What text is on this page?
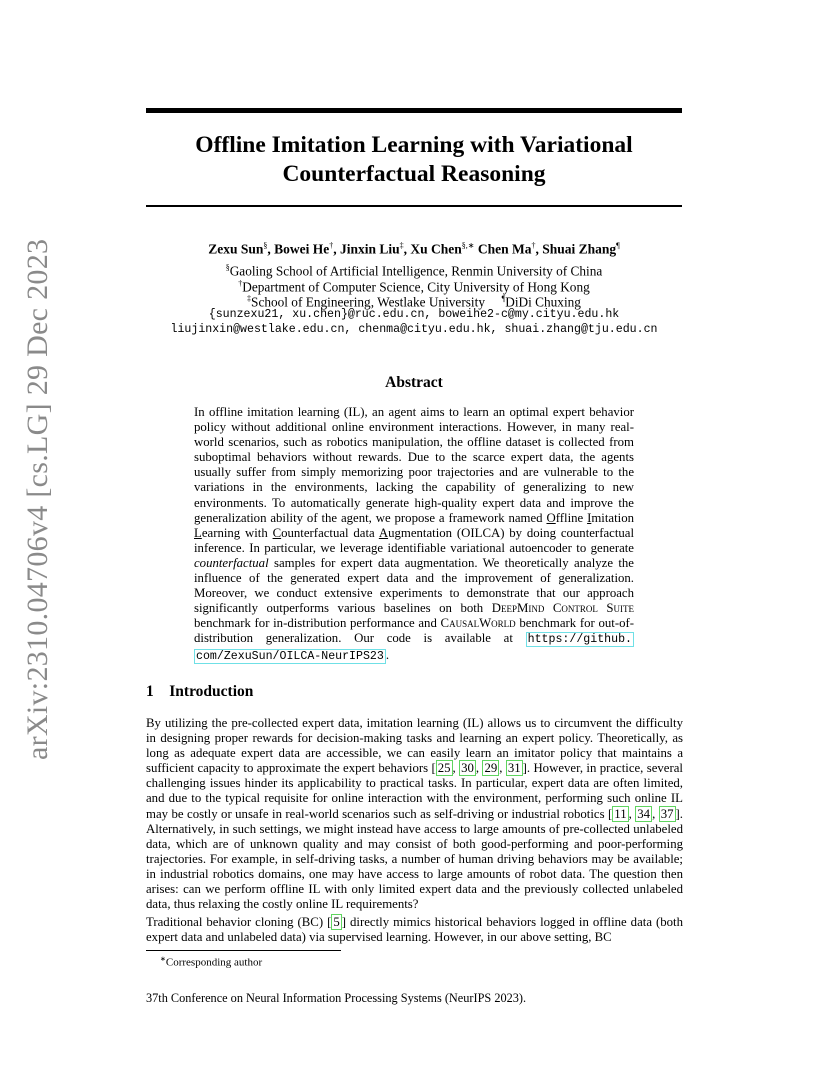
arXiv:2310.04706v4 [cs.LG] 29 Dec 2023
Offline Imitation Learning with Variational
Counterfactual Reasoning
Zexu Sun§, Bowei He†, Jinxin Liu‡, Xu Chen§,∗ Chen Ma†, Shuai Zhang¶
§Gaoling School of Artificial Intelligence, Renmin University of China
†Department of Computer Science, City University of Hong Kong
‡School of Engineering, Westlake University ¶DiDi Chuxing
{sunzexu21, xu.chen}@ruc.edu.cn, boweihe2-c@my.cityu.edu.hk
liujinxin@westlake.edu.cn, chenma@cityu.edu.hk, shuai.zhang@tju.edu.cn
Abstract

In offline imitation learning (IL), an agent aims to learn an optimal expert behavior policy without additional online environment interactions. However, in many real-world scenarios, such as robotics manipulation, the offline dataset is collected from suboptimal behaviors without rewards. Due to the scarce expert data, the agents usually suffer from simply memorizing poor trajectories and are vulnerable to the variations in the environments, lacking the capability of generalizing to new environments. To automatically generate high-quality expert data and improve the generalization ability of the agent, we propose a framework named Offline Imitation Learning with Counterfactual data Augmentation (OILCA) by doing counterfactual inference. In particular, we leverage identifiable variational autoencoder to generate counterfactual samples for expert data augmentation. We theoretically analyze the influence of the generated expert data and the improvement of generalization. Moreover, we conduct extensive experiments to demonstrate that our approach significantly outperforms various baselines on both DeepMind Control Suite benchmark for in-distribution performance and CausalWorld benchmark for out-of-distribution generalization. Our code is available at https://github. com/ZexuSun/OILCA-NeurIPS23 .

1 Introduction

By utilizing the pre-collected expert data, imitation learning (IL) allows us to circumvent the difficulty in designing proper rewards for decision-making tasks and learning an expert policy. Theoretically, as long as adequate expert data are accessible, we can easily learn an imitator policy that maintains a sufficient capacity to approximate the expert behaviors [ 25 , 30 , 29 , 31 ]. However, in practice, several challenging issues hinder its applicability to practical tasks. In particular, expert data are often limited, and due to the typical requisite for online interaction with the environment, performing such online IL may be costly or unsafe in real-world scenarios such as self-driving or industrial robotics [ 11 , 34 , 37 ]. Alternatively, in such settings, we might instead have access to large amounts of pre-collected unlabeled data, which are of unknown quality and may consist of both good-performing and poor-performing trajectories. For example, in self-driving tasks, a number of human driving behaviors may be available; in industrial robotics domains, one may have access to large amounts of robot data. The question then arises: can we perform offline IL with only limited expert data and the previously collected unlabeled data, thus relaxing the costly online IL requirements?

Traditional behavior cloning (BC) [ 5 ] directly mimics historical behaviors logged in offline data (both expert data and unlabeled data) via supervised learning. However, in our above setting, BC

∗Corresponding author
37th Conference on Neural Information Processing Systems (NeurIPS 2023).
